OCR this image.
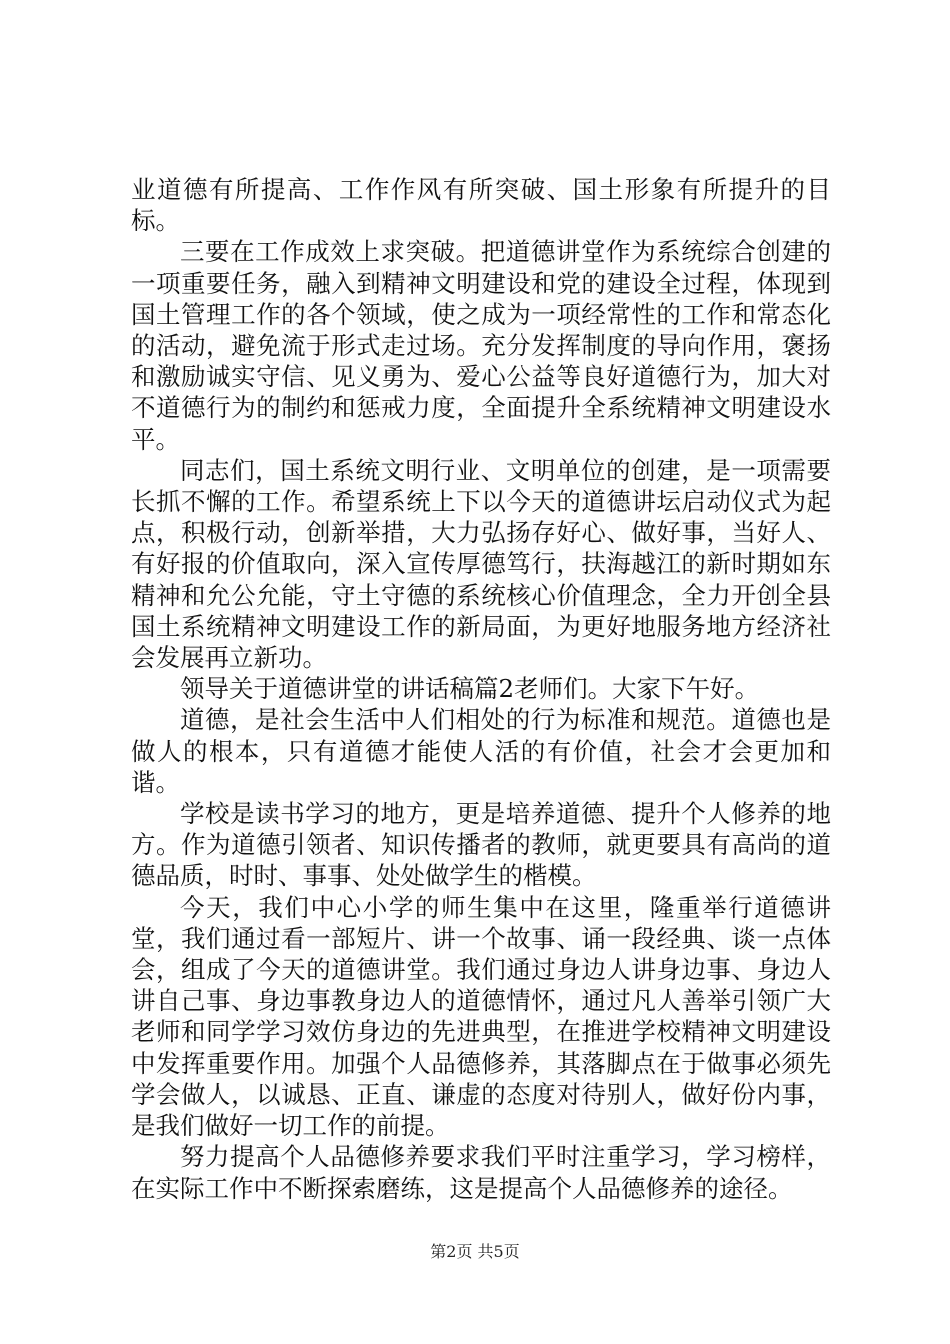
业道德有所提高、工作作风有所突破、国土形象有所提升的目标。

三要在工作成效上求突破。把道德讲堂作为系统综合创建的一项重要任务，融入到精神文明建设和党的建设全过程，体现到国土管理工作的各个领域，使之成为一项经常性的工作和常态化的活动，避免流于形式走过场。充分发挥制度的导向作用，褒扬和激励诚实守信、见义勇为、爱心公益等良好道德行为，加大对不道德行为的制约和惩戒力度，全面提升全系统精神文明建设水平。

同志们，国土系统文明行业、文明单位的创建，是一项需要长抓不懈的工作。希望系统上下以今天的道德讲坛启动仪式为起点，积极行动，创新举措，大力弘扬存好心、做好事，当好人、有好报的价值取向，深入宣传厚德笃行，扶海越江的新时期如东精神和允公允能，守土守德的系统核心价值理念，全力开创全县国土系统精神文明建设工作的新局面，为更好地服务地方经济社会发展再立新功。

领导关于道德讲堂的讲话稿篇2老师们。大家下午好。

道德，是社会生活中人们相处的行为标准和规范。道德也是做人的根本，只有道德才能使人活的有价值，社会才会更加和谐。

学校是读书学习的地方，更是培养道德、提升个人修养的地方。作为道德引领者、知识传播者的教师，就更要具有高尚的道德品质，时时、事事、处处做学生的楷模。

今天，我们中心小学的师生集中在这里，隆重举行道德讲堂，我们通过看一部短片、讲一个故事、诵一段经典、谈一点体会，组成了今天的道德讲堂。我们通过身边人讲身边事、身边人讲自己事、身边事教身边人的道德情怀，通过凡人善举引领广大老师和同学学习效仿身边的先进典型，在推进学校精神文明建设中发挥重要作用。加强个人品德修养，其落脚点在于做事必须先学会做人，以诚恳、正直、谦虚的态度对待别人，做好份内事，是我们做好一切工作的前提。

努力提高个人品德修养要求我们平时注重学习，学习榜样，在实际工作中不断探索磨练，这是提高个人品德修养的途径。

第2页 共5页
